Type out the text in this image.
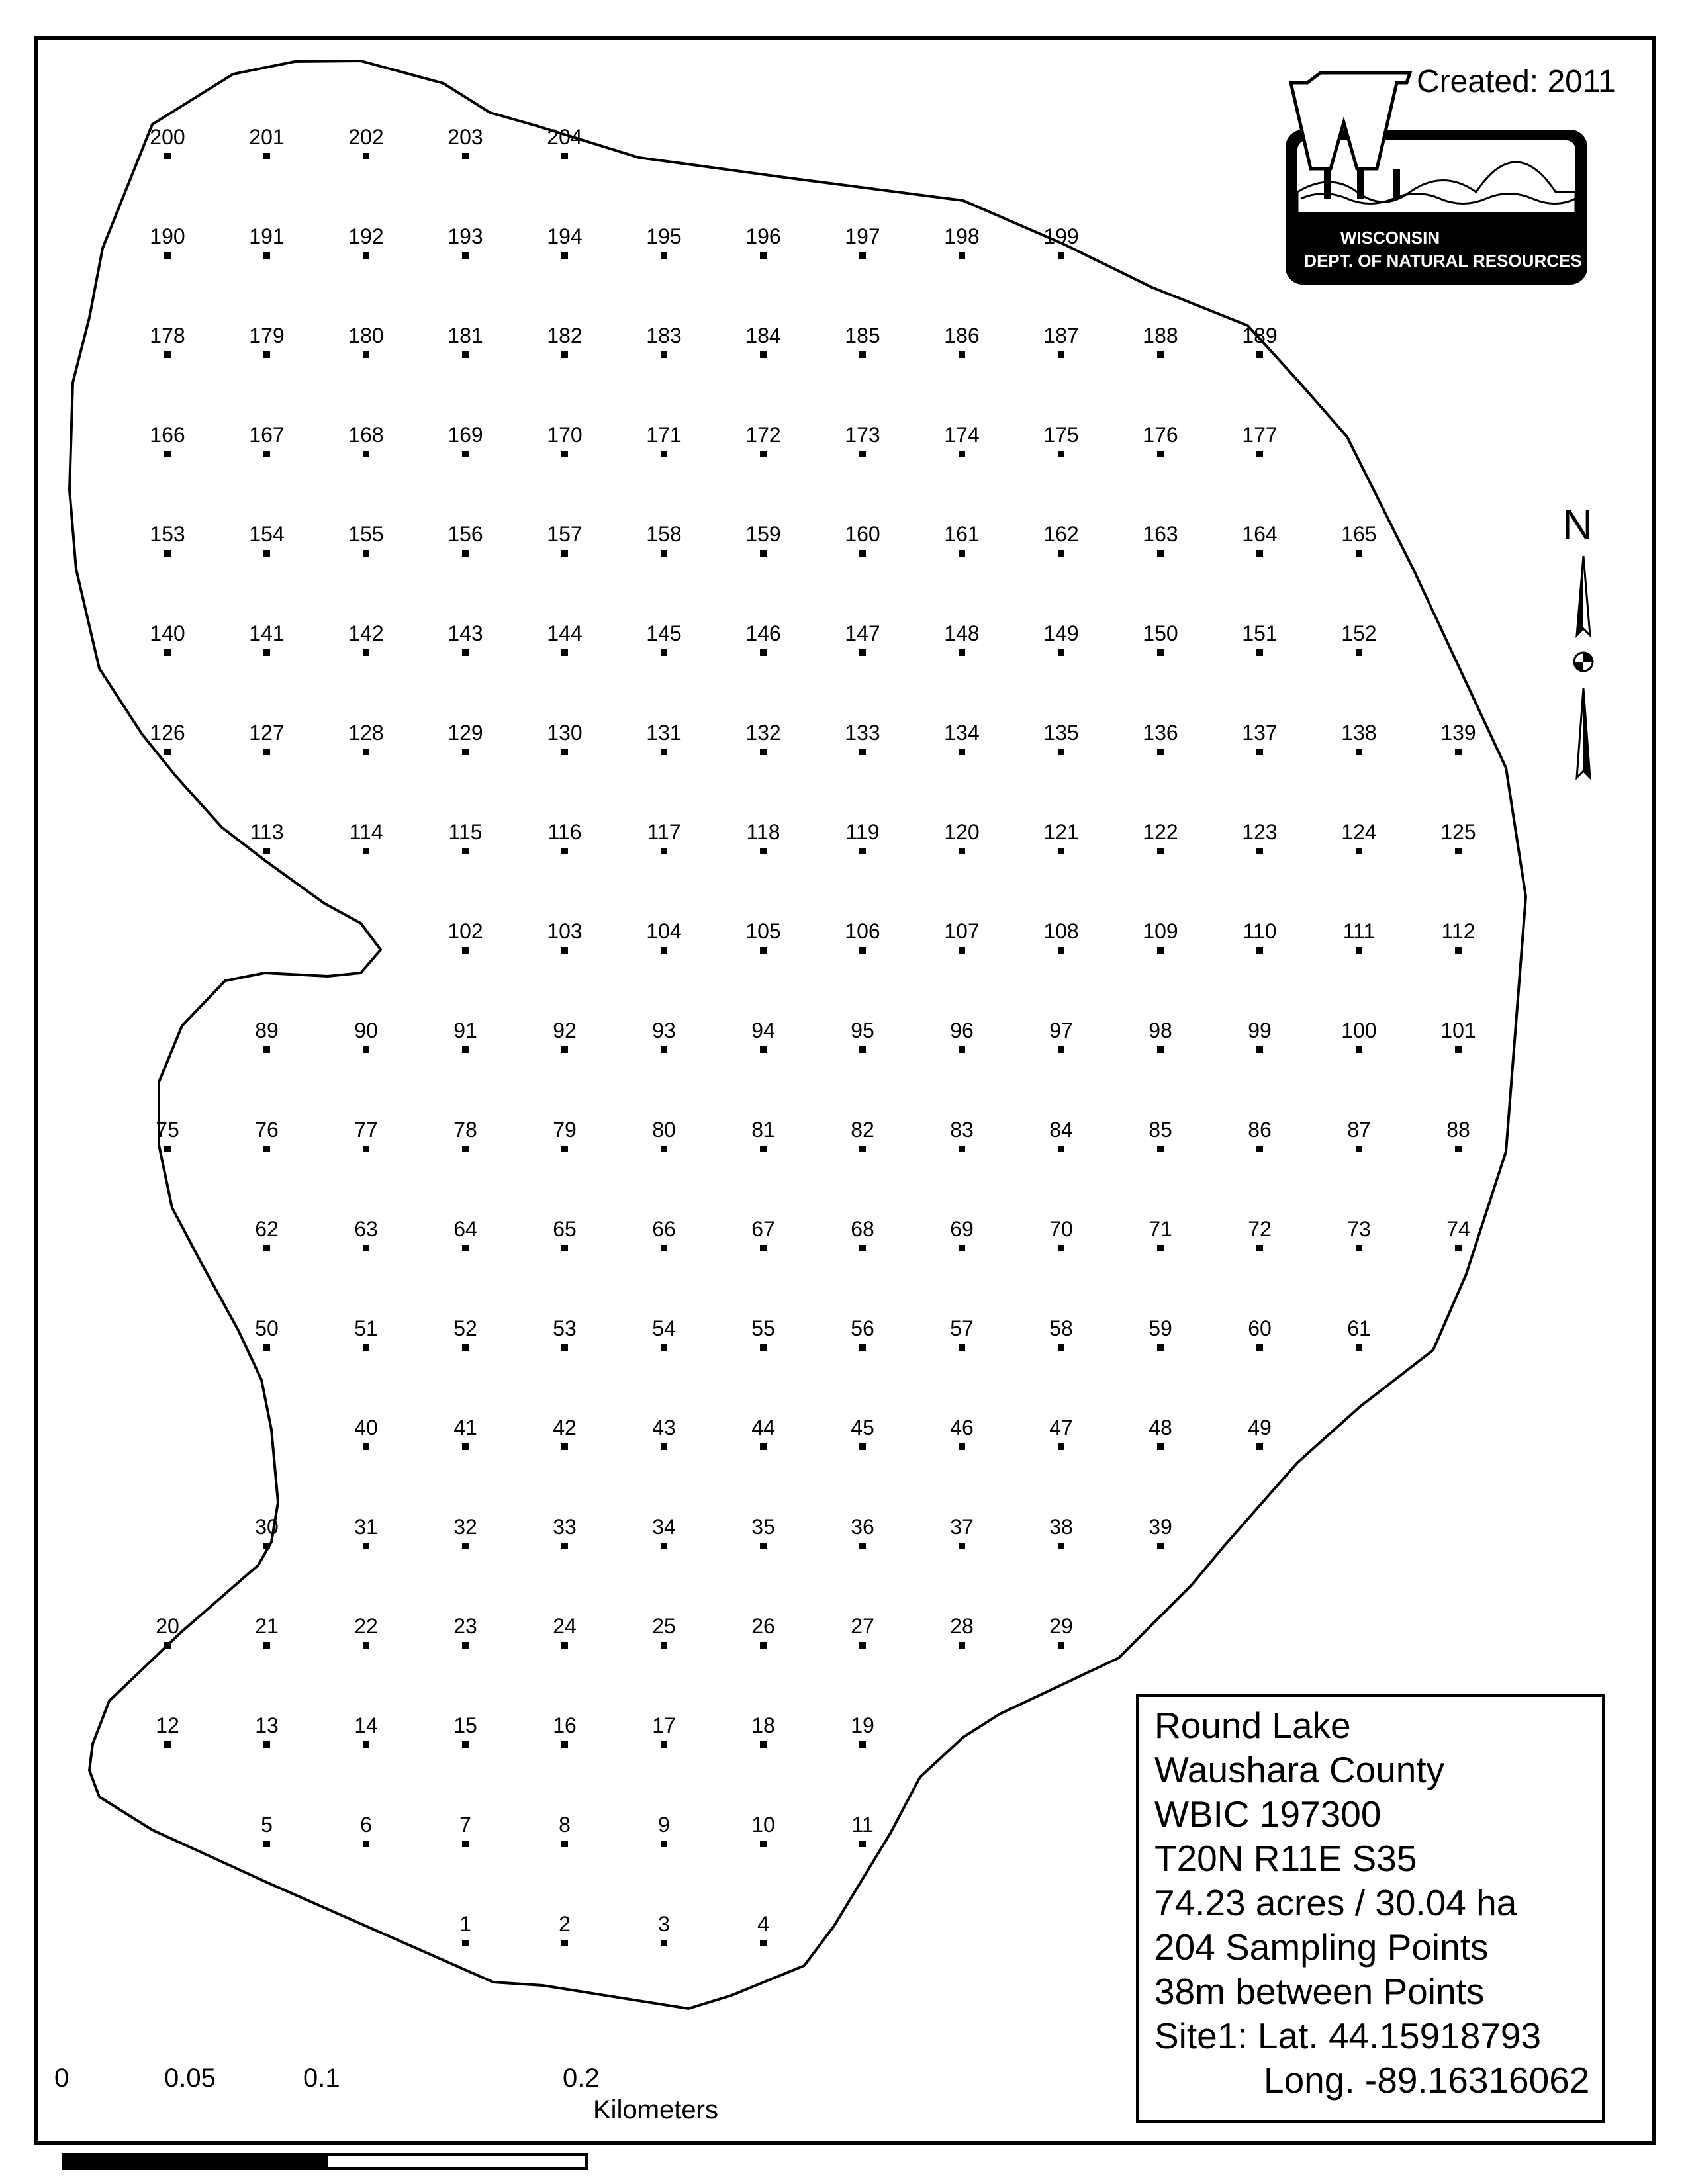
1	2	3	4
5	6	7	8	9	10	11
12	13	14	15	16	17	18	19
20	21	22	23	24	25	26	27	28	29
30	31	32	33	34	35	36	37	38	39
40	41	42	43	44	45	46	47	48	49
50	51	52	53	54	55	56	57	58	59	60	61
62	63	64	65	66	67	68	69	70	71	72	73	74
75	76	77	78	79	80	81	82	83	84	85	86	87	88
89	90	91	92	93	94	95	96	97	98	99	100	101
102	103	104	105	106	107	108	109	110	111	112
113	114	115	116	117	118	119	120	121	122	123	124	125
126	127	128	129	130	131	132	133	134	135	136	137	138	139
140	141	142	143	144	145	146	147	148	149	150	151	152
153	154	155	156	157	158	159	160	161	162	163	164	165
166	167	168	169	170	171	172	173	174	175	176	177
178	179	180	181	182	183	184	185	186	187	188	189
190	191	192	193	194	195	196	197	198	199
200	201	202	203	204
WISCONSIN
DEPT. OF NATURAL RESOURCES
Created: 2011
N
0	0.05	0.1	0.2
Kilometers
Round Lake
Waushara County
WBIC 197300
T20N R11E S35
74.23 acres / 30.04 ha
204 Sampling Points
38m between Points
Site1: Lat. 44.15918793
Long. -89.16316062
